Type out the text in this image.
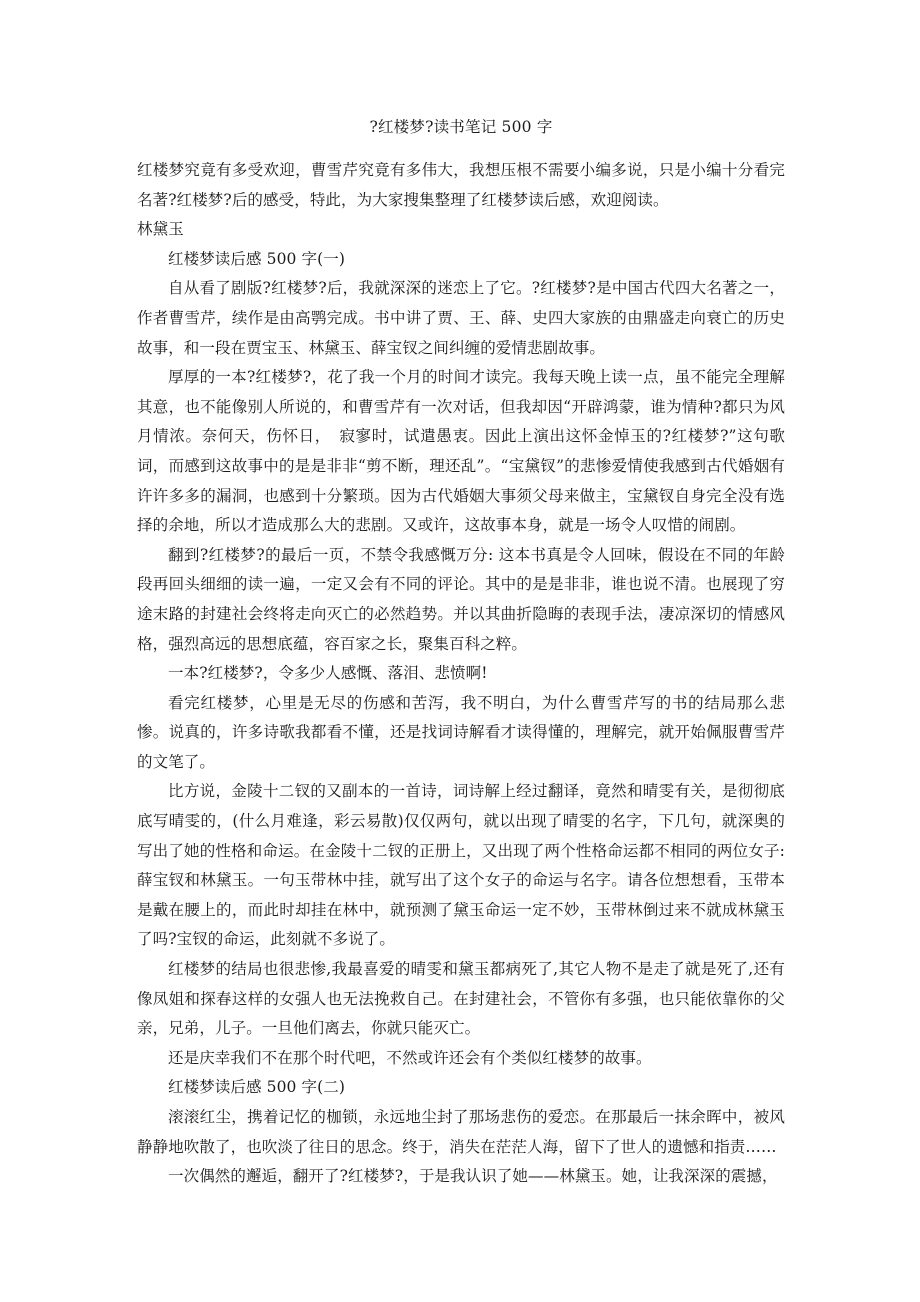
?红楼梦?读书笔记 500 字

红楼梦究竟有多受欢迎，曹雪芹究竟有多伟大，我想压根不需要小编多说，只是小编十分看完名著?红楼梦?后的感受，特此，为大家搜集整理了红楼梦读后感，欢迎阅读。

林黛玉

红楼梦读后感 500 字(一)

自从看了剧版?红楼梦?后，我就深深的迷恋上了它。?红楼梦?是中国古代四大名著之一，作者曹雪芹，续作是由高鹗完成。书中讲了贾、王、薛、史四大家族的由鼎盛走向衰亡的历史故事，和一段在贾宝玉、林黛玉、薛宝钗之间纠缠的爱情悲剧故事。

厚厚的一本?红楼梦?，花了我一个月的时间才读完。我每天晚上读一点，虽不能完全理解其意，也不能像别人所说的，和曹雪芹有一次对话，但我却因“开辟鸿蒙，谁为情种?都只为风月情浓。奈何天，伤怀日，　寂寥时，试遣愚衷。因此上演出这怀金悼玉的?红楼梦?”这句歌词，而感到这故事中的是是非非“剪不断，理还乱”。“宝黛钗”的悲惨爱情使我感到古代婚姻有许许多多的漏洞，也感到十分繁琐。因为古代婚姻大事须父母来做主，宝黛钗自身完全没有选择的余地，所以才造成那么大的悲剧。又或许，这故事本身，就是一场令人叹惜的闹剧。

翻到?红楼梦?的最后一页，不禁令我感慨万分: 这本书真是令人回味，假设在不同的年龄段再回头细细的读一遍，一定又会有不同的评论。其中的是是非非，谁也说不清。也展现了穷途末路的封建社会终将走向灭亡的必然趋势。并以其曲折隐晦的表现手法，凄凉深切的情感风格，强烈高远的思想底蕴，容百家之长，聚集百科之粹。

一本?红楼梦?，令多少人感慨、落泪、悲愤啊!

看完红楼梦，心里是无尽的伤感和苦泻，我不明白，为什么曹雪芹写的书的结局那么悲惨。说真的，许多诗歌我都看不懂，还是找词诗解看才读得懂的，理解完，就开始佩服曹雪芹的文笔了。

比方说，金陵十二钗的又副本的一首诗，词诗解上经过翻译，竟然和晴雯有关，是彻彻底底写晴雯的，(什么月难逢，彩云易散)仅仅两句，就以出现了晴雯的名字，下几句，就深奥的写出了她的性格和命运。在金陵十二钗的正册上，又出现了两个性格命运都不相同的两位女子: 薛宝钗和林黛玉。一句玉带林中挂，就写出了这个女子的命运与名字。请各位想想看，玉带本是戴在腰上的，而此时却挂在林中，就预测了黛玉命运一定不妙，玉带林倒过来不就成林黛玉了吗?宝钗的命运，此刻就不多说了。

红楼梦的结局也很悲惨,我最喜爱的晴雯和黛玉都病死了,其它人物不是走了就是死了,还有像凤姐和探春这样的女强人也无法挽救自己。在封建社会，不管你有多强，也只能依靠你的父亲，兄弟，儿子。一旦他们离去，你就只能灭亡。

还是庆幸我们不在那个时代吧，不然或许还会有个类似红楼梦的故事。

红楼梦读后感 500 字(二)

滚滚红尘，携着记忆的枷锁，永远地尘封了那场悲伤的爱恋。在那最后一抹余晖中，被风静静地吹散了，也吹淡了往日的思念。终于，消失在茫茫人海，留下了世人的遗憾和指责……

一次偶然的邂逅，翻开了?红楼梦?，于是我认识了她——林黛玉。她，让我深深的震撼，
